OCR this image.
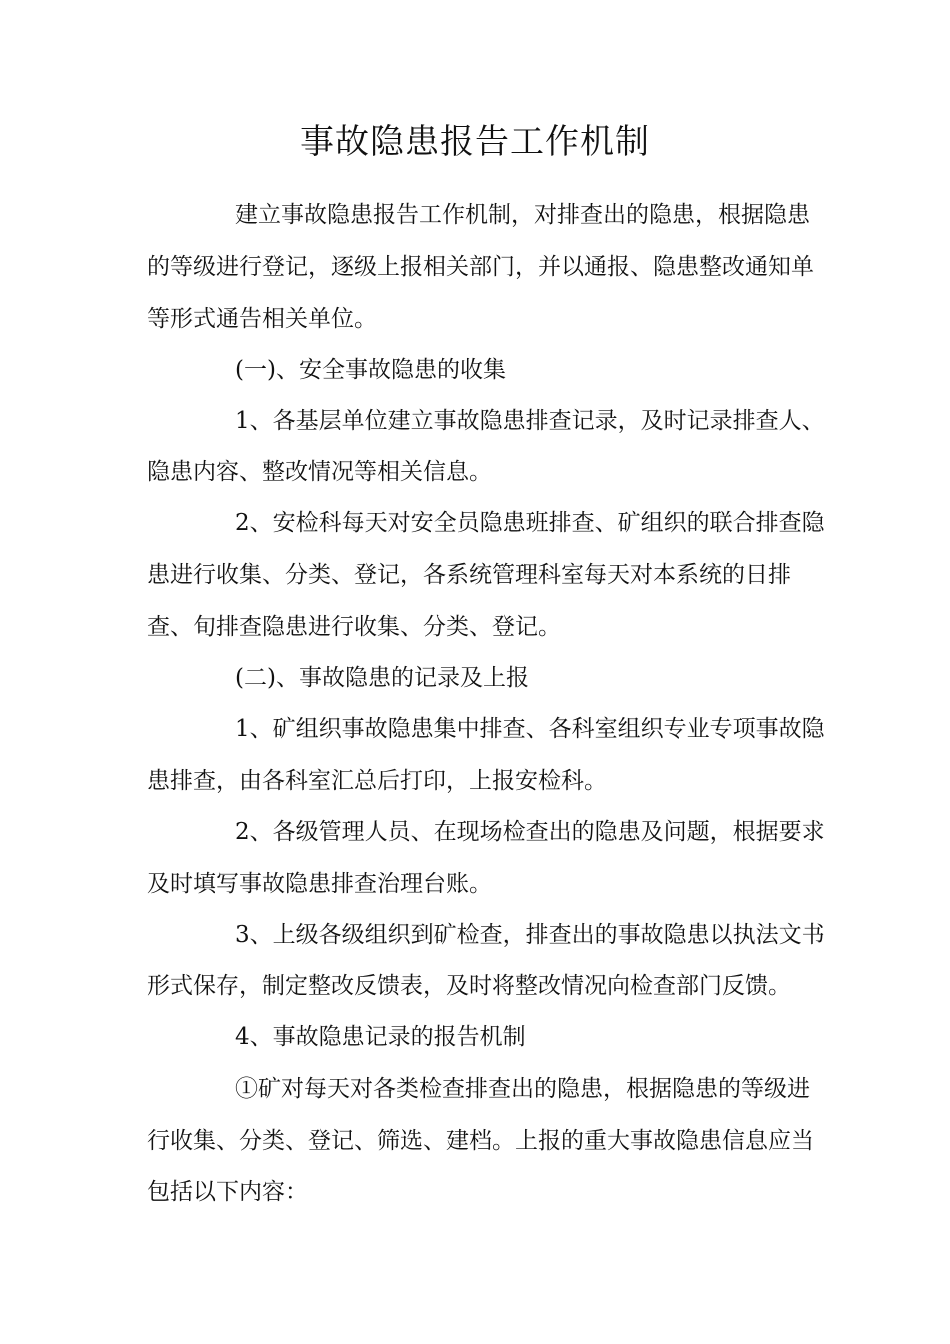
事故隐患报告工作机制
建立事故隐患报告工作机制，对排查出的隐患，根据隐患
的等级进行登记，逐级上报相关部门，并以通报、隐患整改通知单
等形式通告相关单位。
(一)、安全事故隐患的收集
1、各基层单位建立事故隐患排查记录，及时记录排查人、
隐患内容、整改情况等相关信息。
2、安检科每天对安全员隐患班排查、矿组织的联合排查隐
患进行收集、分类、登记，各系统管理科室每天对本系统的日排
查、旬排查隐患进行收集、分类、登记。
(二)、事故隐患的记录及上报
1、矿组织事故隐患集中排查、各科室组织专业专项事故隐
患排查，由各科室汇总后打印，上报安检科。
2、各级管理人员、在现场检查出的隐患及问题，根据要求
及时填写事故隐患排查治理台账。
3、上级各级组织到矿检查，排查出的事故隐患以执法文书
形式保存，制定整改反馈表，及时将整改情况向检查部门反馈。
4、事故隐患记录的报告机制
①矿对每天对各类检查排查出的隐患，根据隐患的等级进
行收集、分类、登记、筛选、建档。上报的重大事故隐患信息应当
包括以下内容：
